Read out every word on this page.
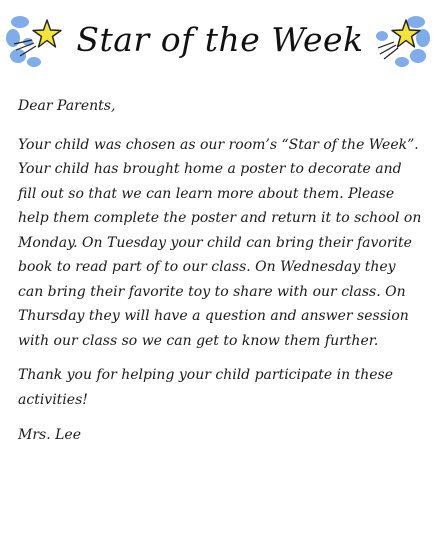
Star of the Week

Dear Parents,

Your child was chosen as our room’s “Star of the Week”. Your child has brought home a poster to decorate and fill out so that we can learn more about them. Please help them complete the poster and return it to school on Monday. On Tuesday your child can bring their favorite book to read part of to our class. On Wednesday they can bring their favorite toy to share with our class. On Thursday they will have a question and answer session with our class so we can get to know them further.

Thank you for helping your child participate in these activities!

Mrs. Lee
